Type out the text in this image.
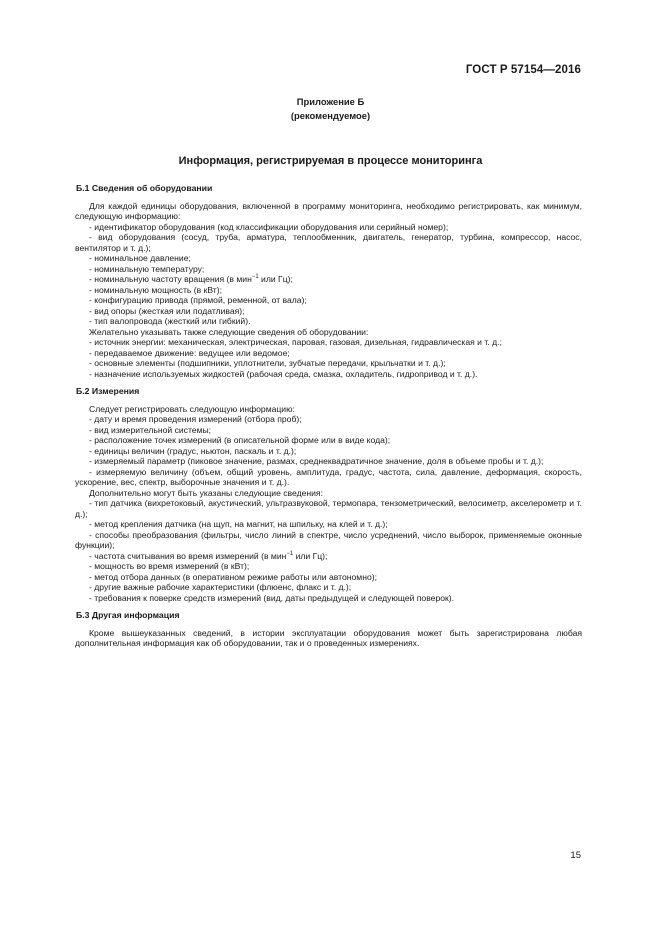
ГОСТ Р 57154—2016
Приложение Б
(рекомендуемое)
Информация, регистрируемая в процессе мониторинга
Б.1 Сведения об оборудовании

Для каждой единицы оборудования, включенной в программу мониторинга, необходимо регистрировать, как минимум, следующую информацию:

- идентификатор оборудования (код классификации оборудования или серийный номер);

- вид оборудования (сосуд, труба, арматура, теплообменник, двигатель, генератор, турбина, компрессор, насос, вентилятор и т. д.);

- номинальное давление;

- номинальную температуру;

- номинальную частоту вращения (в мин$^{-1}$ или Гц);

- номинальную мощность (в кВт);

- конфигурацию привода (прямой, ременной, от вала);

- вид опоры (жесткая или податливая);

- тип валопровода (жесткий или гибкий).

Желательно указывать также следующие сведения об оборудовании:

- источник энергии: механическая, электрическая, паровая, газовая, дизельная, гидравлическая и т. д.;

- передаваемое движение: ведущее или ведомое;

- основные элементы (подшипники, уплотнители, зубчатые передачи, крыльчатки и т. д.);

- назначение используемых жидкостей (рабочая среда, смазка, охладитель, гидропривод и т. д.).

Б.2 Измерения

Следует регистрировать следующую информацию:

- дату и время проведения измерений (отбора проб);

- вид измерительной системы;

- расположение точек измерений (в описательной форме или в виде кода);

- единицы величин (градус, ньютон, паскаль и т. д.);

- измеряемый параметр (пиковое значение, размах, среднеквадратичное значение, доля в объеме пробы и т. д.);

- измеряемую величину (объем, общий уровень, амплитуда, градус, частота, сила, давление, деформация, скорость, ускорение, вес, спектр, выборочные значения и т. д.).

Дополнительно могут быть указаны следующие сведения:

- тип датчика (вихретоковый, акустический, ультразвуковой, термопара, тензометрический, велосиметр, акселерометр и т. д.);

- метод крепления датчика (на щуп, на магнит, на шпильку, на клей и т. д.);

- способы преобразования (фильтры, число линий в спектре, число усреднений, число выборок, применяемые оконные функции);

- частота считывания во время измерений (в мин$^{-1}$ или Гц);

- мощность во время измерений (в кВт);

- метод отбора данных (в оперативном режиме работы или автономно);

- другие важные рабочие характеристики (флюенс, флакс и т. д.);

- требования к поверке средств измерений (вид, даты предыдущей и следующей поверок).

Б.3 Другая информация

Кроме вышеуказанных сведений, в истории эксплуатации оборудования может быть зарегистрирована любая дополнительная информация как об оборудовании, так и о проведенных измерениях.

15
